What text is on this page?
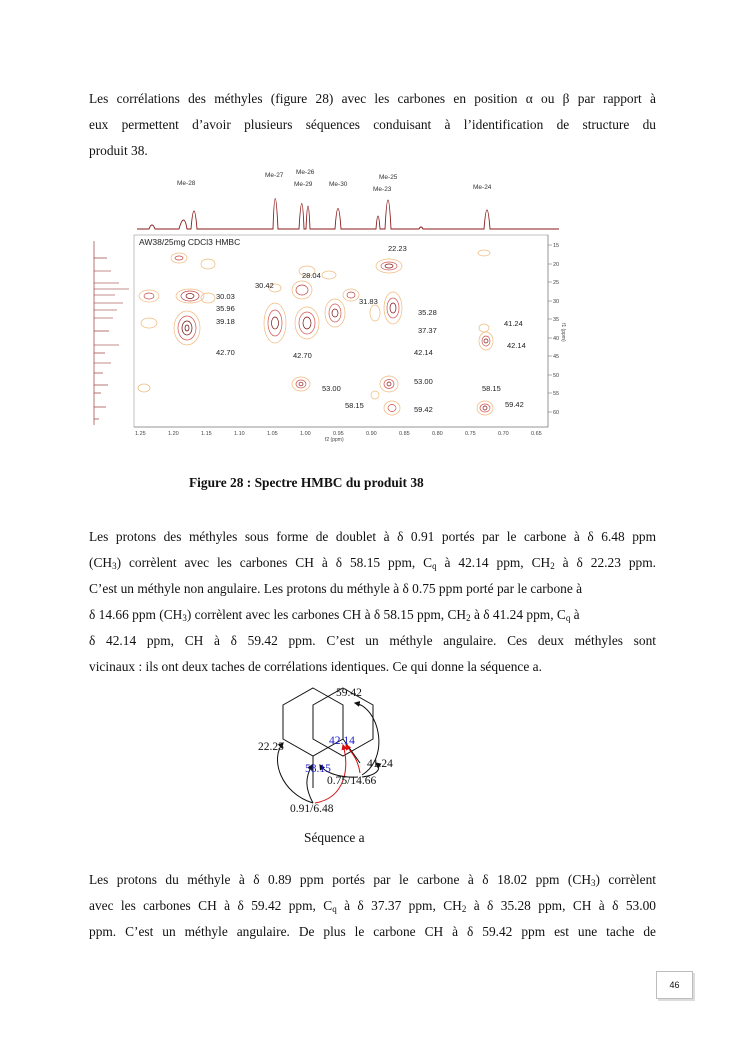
Les corrélations des méthyles (figure 28) avec les carbones en position α ou β par rapport à
eux permettent d’avoir plusieurs séquences conduisant à l’identification de structure du
produit 38.
Me-28
Me-27 Me-26
Me-29	Me-30
Me-25
Me-23	Me-24
AW38/25mg CDCl3 HMBC
22.23
28.04
30.42
30.03
35.96
39.18
31.83
35.28
37.37
41.24
42.14
42.14
42.70	42.70
53.00
53.00	58.15
58.15	59.42
59.42
15
20
25
30
35
40
45
50
55
60
f1 (ppm)
1.25	1.20	1.15	1.10	1.05	1.00	0.95	0.90	0.85	0.80	0.75	0.70	0.65
f2 (ppm)
Figure 28 : Spectre HMBC du produit 38
Les protons des méthyles sous forme de doublet à δ 0.91 portés par le carbone à δ 6.48 ppm
$(CH_3)$ corrèlent avec les carbones CH à δ 58.15 ppm, $C_q$ à 42.14 ppm, $CH_2$ à δ 22.23 ppm.
C’est un méthyle non angulaire. Les protons du méthyle à δ 0.75 ppm porté par le carbone à
δ 14.66 ppm $(CH_3)$ corrèlent avec les carbones CH à δ 58.15 ppm, $CH_2$ à δ 41.24 ppm, $C_q$ à
δ 42.14 ppm, CH à δ 59.42 ppm. C’est un méthyle angulaire. Ces deux méthyles sont
vicinaux : ils ont deux taches de corrélations identiques. Ce qui donne la séquence a.
59.42
42.14
22.23
58.15	41.24
0.75/14.66
0.91/6.48
Séquence a
Les protons du méthyle à δ 0.89 ppm portés par le carbone à δ 18.02 ppm $(CH_3)$ corrèlent
avec les carbones CH à δ 59.42 ppm, $C_q$ à δ 37.37 ppm, $CH_2$ à δ 35.28 ppm, CH à δ 53.00
ppm. C’est un méthyle angulaire. De plus le carbone CH à δ 59.42 ppm est une tache de
46
